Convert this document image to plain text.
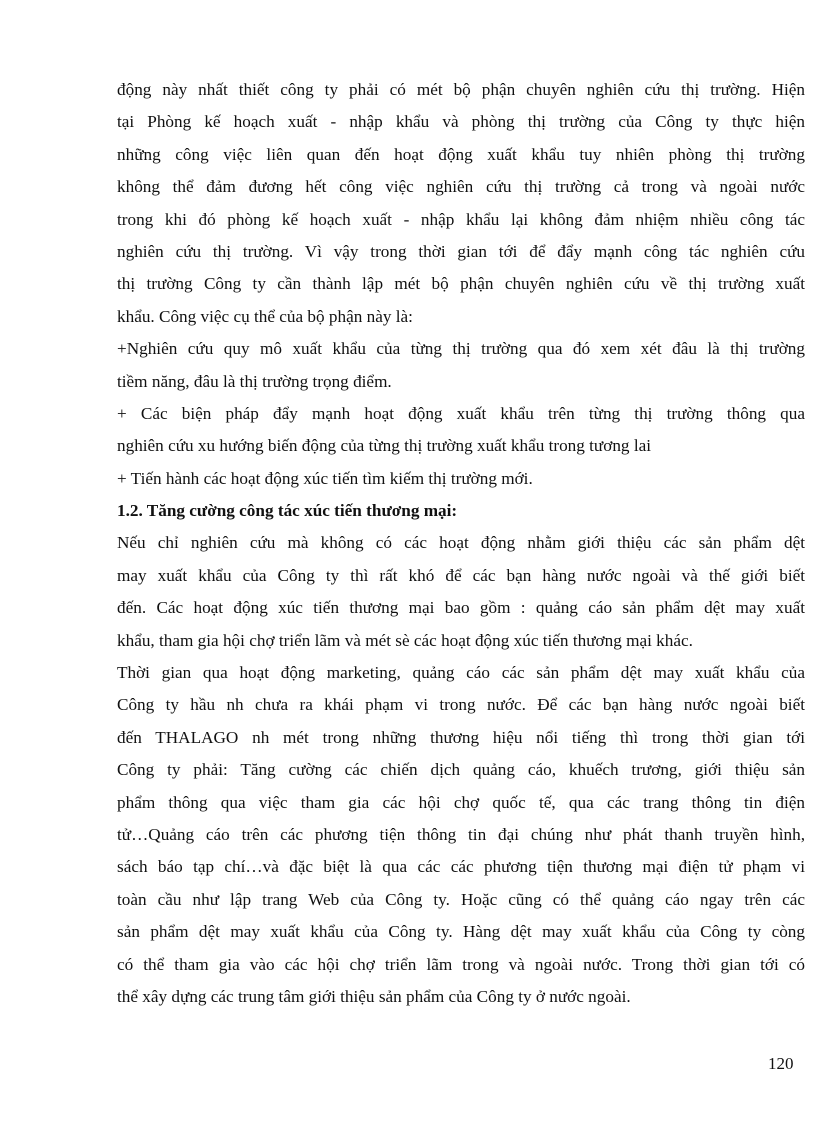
động này nhất thiết công ty phải có mét bộ phận chuyên nghiên cứu thị trường. Hiện
tại Phòng kế hoạch xuất - nhập khẩu và phòng thị trường của Công ty thực hiện
những công việc liên quan đến hoạt động xuất khẩu tuy nhiên phòng thị trường
không thể đảm đương hết công việc nghiên cứu thị trường cả trong và ngoài nước
trong khi đó phòng kế hoạch xuất - nhập khẩu lại không đảm nhiệm nhiều công tác
nghiên cứu thị trường. Vì vậy trong thời gian tới để đẩy mạnh công tác nghiên cứu
thị trường Công ty cần thành lập mét bộ phận chuyên nghiên cứu về thị trường xuất
khẩu. Công việc cụ thể của bộ phận này là:
+Nghiên cứu quy mô xuất khẩu của từng thị trường qua đó xem xét đâu là thị trường
tiềm năng, đâu là thị trường trọng điểm.
+ Các biện pháp đẩy mạnh hoạt động xuất khẩu trên từng thị trường thông qua
nghiên cứu xu hướng biến động của từng thị trường xuất khẩu trong tương lai
+ Tiến hành các hoạt động xúc tiến tìm kiếm thị trường mới.
1.2. Tăng cường công tác xúc tiến thương mại:
Nếu chỉ nghiên cứu mà không có các hoạt động nhằm giới thiệu các sản phẩm dệt
may xuất khẩu của Công ty thì rất khó để các bạn hàng nước ngoài và thế giới biết
đến. Các hoạt động xúc tiến thương mại bao gồm : quảng cáo sản phẩm dệt may xuất
khẩu, tham gia hội chợ triển lãm và mét sè các hoạt động xúc tiến thương mại khác.
Thời gian qua hoạt động marketing, quảng cáo các sản phẩm dệt may xuất khẩu của
Công ty hầu nh chưa ra khái phạm vi trong nước. Để các bạn hàng nước ngoài biết
đến THALAGO nh mét trong những thương hiệu nổi tiếng thì trong thời gian tới
Công ty phải: Tăng cường các chiến dịch quảng cáo, khuếch trương, giới thiệu sản
phẩm thông qua việc tham gia các hội chợ quốc tế, qua các trang thông tin điện
tử…Quảng cáo trên các phương tiện thông tin đại chúng như phát thanh truyền hình,
sách báo tạp chí…và đặc biệt là qua các các phương tiện thương mại điện tử phạm vi
toàn cầu như lập trang Web của Công ty. Hoặc cũng có thể quảng cáo ngay trên các
sản phẩm dệt may xuất khẩu của Công ty. Hàng dệt may xuất khẩu của Công ty còng
có thể tham gia vào các hội chợ triển lãm trong và ngoài nước. Trong thời gian tới có
thể xây dựng các trung tâm giới thiệu sản phẩm của Công ty ở nước ngoài.
120
